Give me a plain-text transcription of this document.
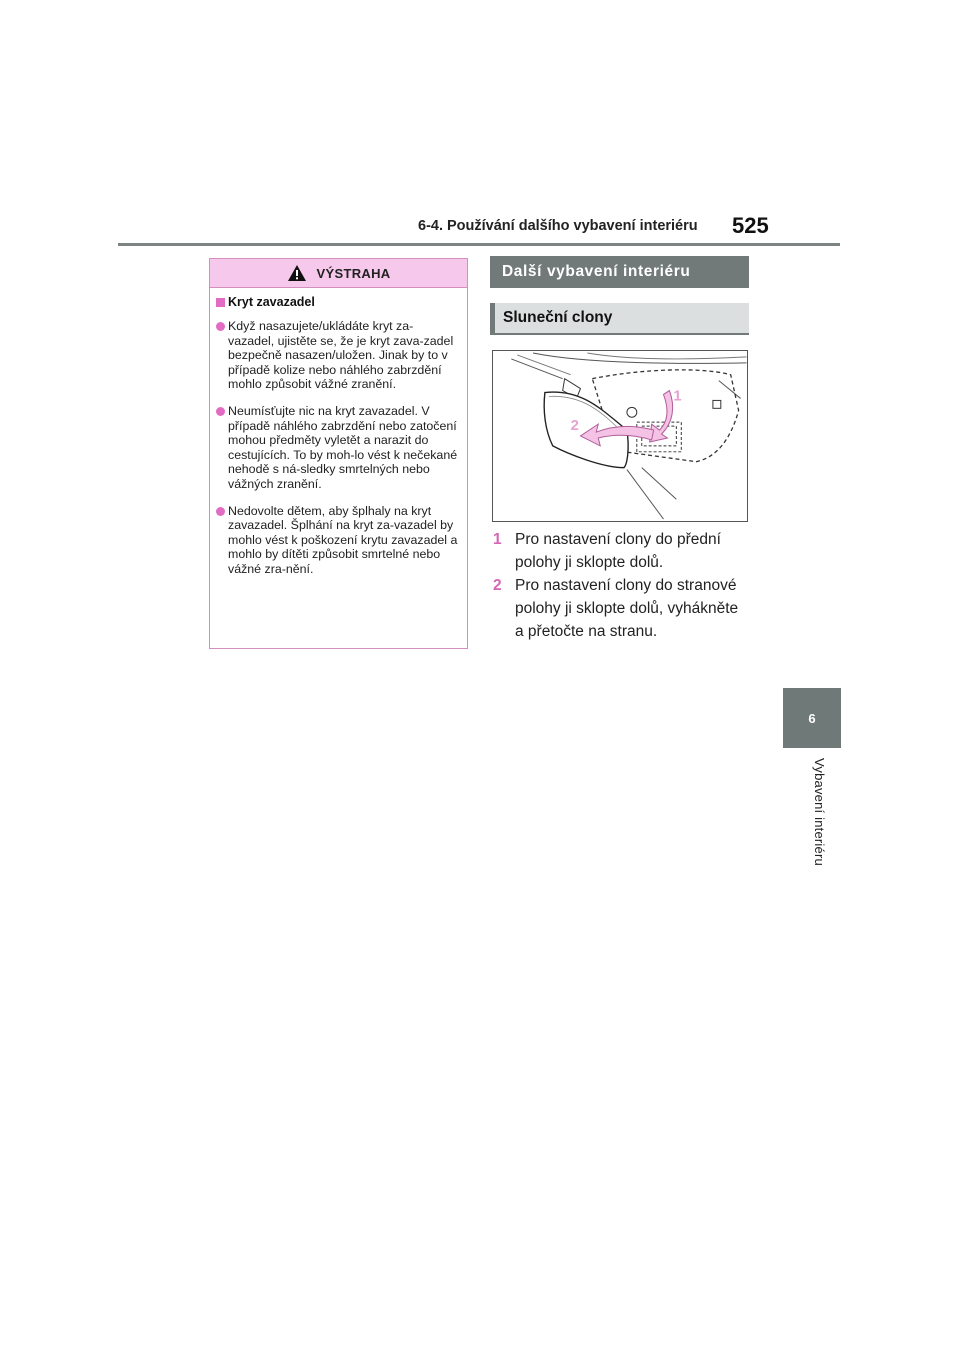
6-4. Používání dalšího vybavení interiéru 525
6
Vybavení interiéru
VÝSTRAHA
Kryt zavazadel
Když nasazujete/ukládáte kryt za-vazadel, ujistěte se, že je kryt zava-zadel bezpečně nasazen/uložen. Jinak by to v případě kolize nebo náhlého zabrzdění mohlo způsobit vážné zranění.
Neumísťujte nic na kryt zavazadel. V případě náhlého zabrzdění nebo zatočení mohou předměty vyletět a narazit do cestujících. To by moh-lo vést k nečekané nehodě s ná-sledky smrtelných nebo vážných zranění.
Nedovolte dětem, aby šplhaly na kryt zavazadel. Šplhání na kryt za-vazadel by mohlo vést k poškození krytu zavazadel a mohlo by dítěti způsobit smrtelné nebo vážné zra-nění.
Další vybavení interiéru
Sluneční clony
1
2
1 Pro nastavení clony do přední polohy ji sklopte dolů.
2 Pro nastavení clony do stranové polohy ji sklopte dolů, vyhákněte a přetočte na stranu.
